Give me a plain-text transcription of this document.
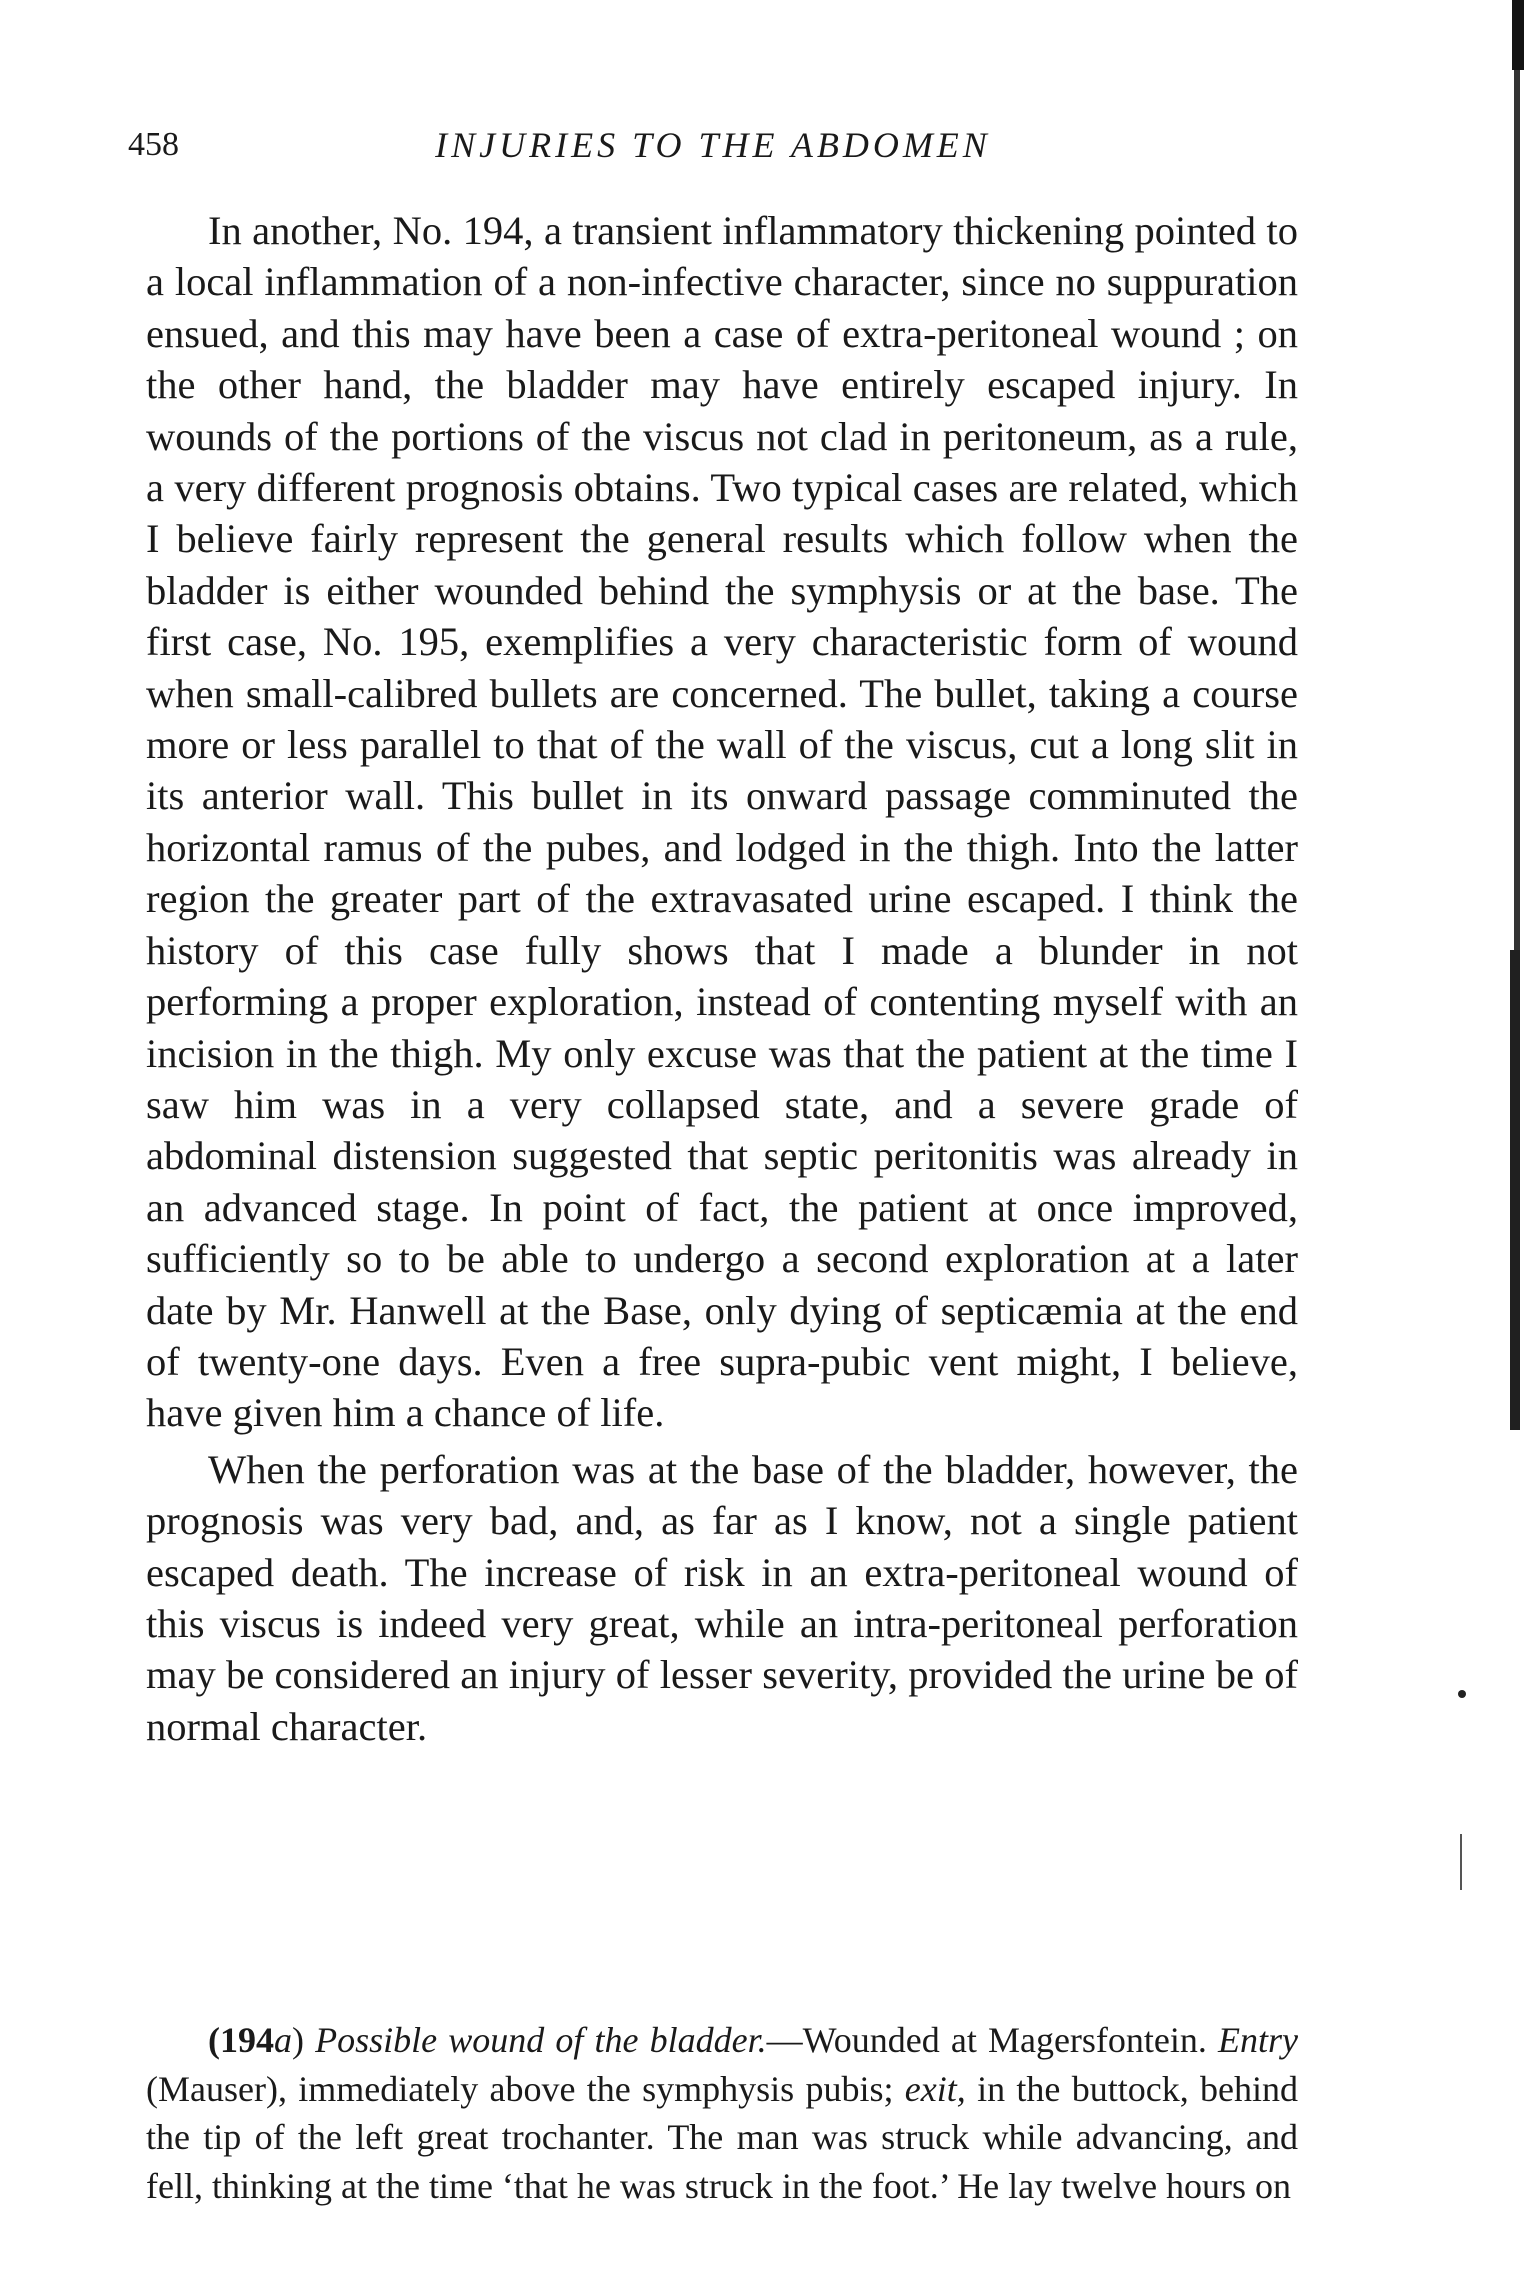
458	INJURIES TO THE ABDOMEN

In another, No. 194, a transient inflammatory thickening pointed to a local inflammation of a non-infective character, since no suppuration ensued, and this may have been a case of extra-peritoneal wound ; on the other hand, the bladder may have entirely escaped injury. In wounds of the portions of the viscus not clad in peritoneum, as a rule, a very different prognosis obtains. Two typical cases are related, which I believe fairly represent the general results which follow when the bladder is either wounded behind the symphysis or at the base. The first case, No. 195, exemplifies a very characteristic form of wound when small-calibred bullets are concerned. The bullet, taking a course more or less parallel to that of the wall of the viscus, cut a long slit in its anterior wall. This bullet in its onward passage comminuted the horizontal ramus of the pubes, and lodged in the thigh. Into the latter region the greater part of the extravasated urine escaped. I think the history of this case fully shows that I made a blunder in not performing a proper exploration, instead of contenting myself with an incision in the thigh. My only excuse was that the patient at the time I saw him was in a very collapsed state, and a severe grade of abdominal distension suggested that septic peritonitis was already in an advanced stage. In point of fact, the patient at once improved, sufficiently so to be able to undergo a second exploration at a later date by Mr. Hanwell at the Base, only dying of septicæmia at the end of twenty-one days. Even a free supra-pubic vent might, I believe, have given him a chance of life.

When the perforation was at the base of the bladder, however, the prognosis was very bad, and, as far as I know, not a single patient escaped death. The increase of risk in an extra-peritoneal wound of this viscus is indeed very great, while an intra-peritoneal perforation may be considered an injury of lesser severity, provided the urine be of normal character.

(194a) Possible wound of the bladder.—Wounded at Magersfontein. Entry (Mauser), immediately above the symphysis pubis; exit, in the buttock, behind the tip of the left great trochanter. The man was struck while advancing, and fell, thinking at the time ‘that he was struck in the foot.’ He lay twelve hours on
